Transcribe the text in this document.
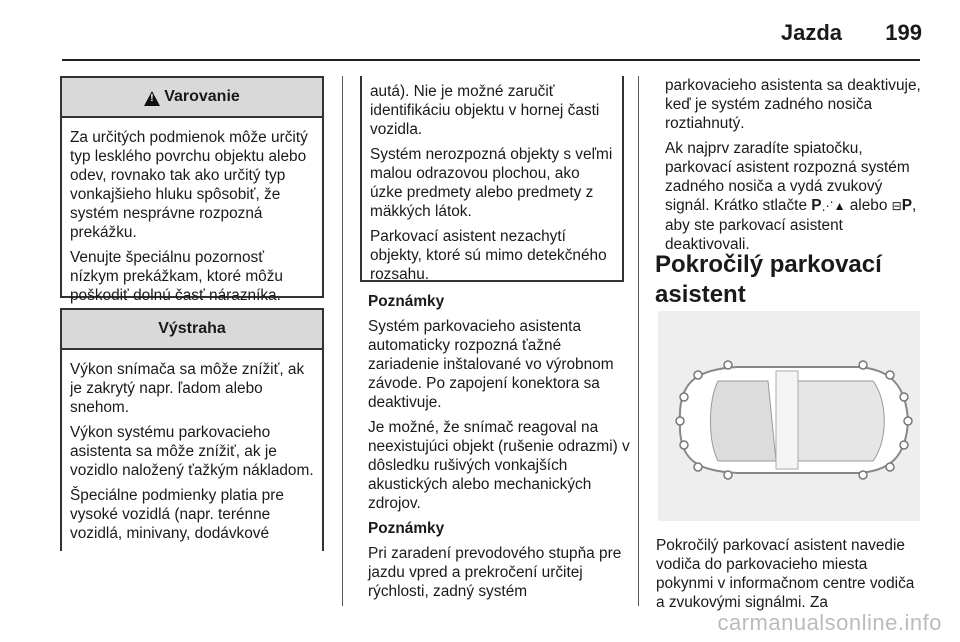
Jazda 199
!
Varovanie

Za určitých podmienok môže určitý typ lesklého povrchu objektu alebo odev, rovnako tak ako určitý typ vonkajšieho hluku spôsobiť, že systém nesprávne rozpozná prekážku.

Venujte špeciálnu pozornosť nízkym prekážkam, ktoré môžu poškodiť dolnú časť nárazníka.

Výstraha

Výkon snímača sa môže znížiť, ak je zakrytý napr. ľadom alebo snehom.

Výkon systému parkovacieho asistenta sa môže znížiť, ak je vozidlo naložený ťažkým nákladom.

Špeciálne podmienky platia pre vysoké vozidlá (napr. terénne vozidlá, minivany, dodávkové

autá). Nie je možné zaručiť identifikáciu objektu v hornej časti vozidla.

Systém nerozpozná objekty s veľmi malou odrazovou plochou, ako úzke predmety alebo predmety z mäkkých látok.

Parkovací asistent nezachytí objekty, ktoré sú mimo detekčného rozsahu.

Poznámky

Systém parkovacieho asistenta automaticky rozpozná ťažné zariadenie inštalované vo výrobnom závode. Po zapojení konektora sa deaktivuje.

Je možné, že snímač reagoval na neexistujúci objekt (rušenie odrazmi) v dôsledku rušivých vonkajších akustických alebo mechanických zdrojov.

Poznámky

Pri zaradení prevodového stupňa pre jazdu vpred a prekročení určitej rýchlosti, zadný systém

parkovacieho asistenta sa deaktivuje, keď je systém zadného nosiča roztiahnutý.

Ak najprv zaradíte spiatočku, parkovací asistent rozpozná systém zadného nosiča a vydá zvukový signál. Krátko stlačte P⋰▲ alebo ⊟P, aby ste parkovací asistent deaktivovali.

Pokročilý parkovací asistent

Pokročilý parkovací asistent navedie vodiča do parkovacieho miesta pokynmi v informačnom centre vodiča a zvukovými signálmi. Za

carmanualsonline.info
